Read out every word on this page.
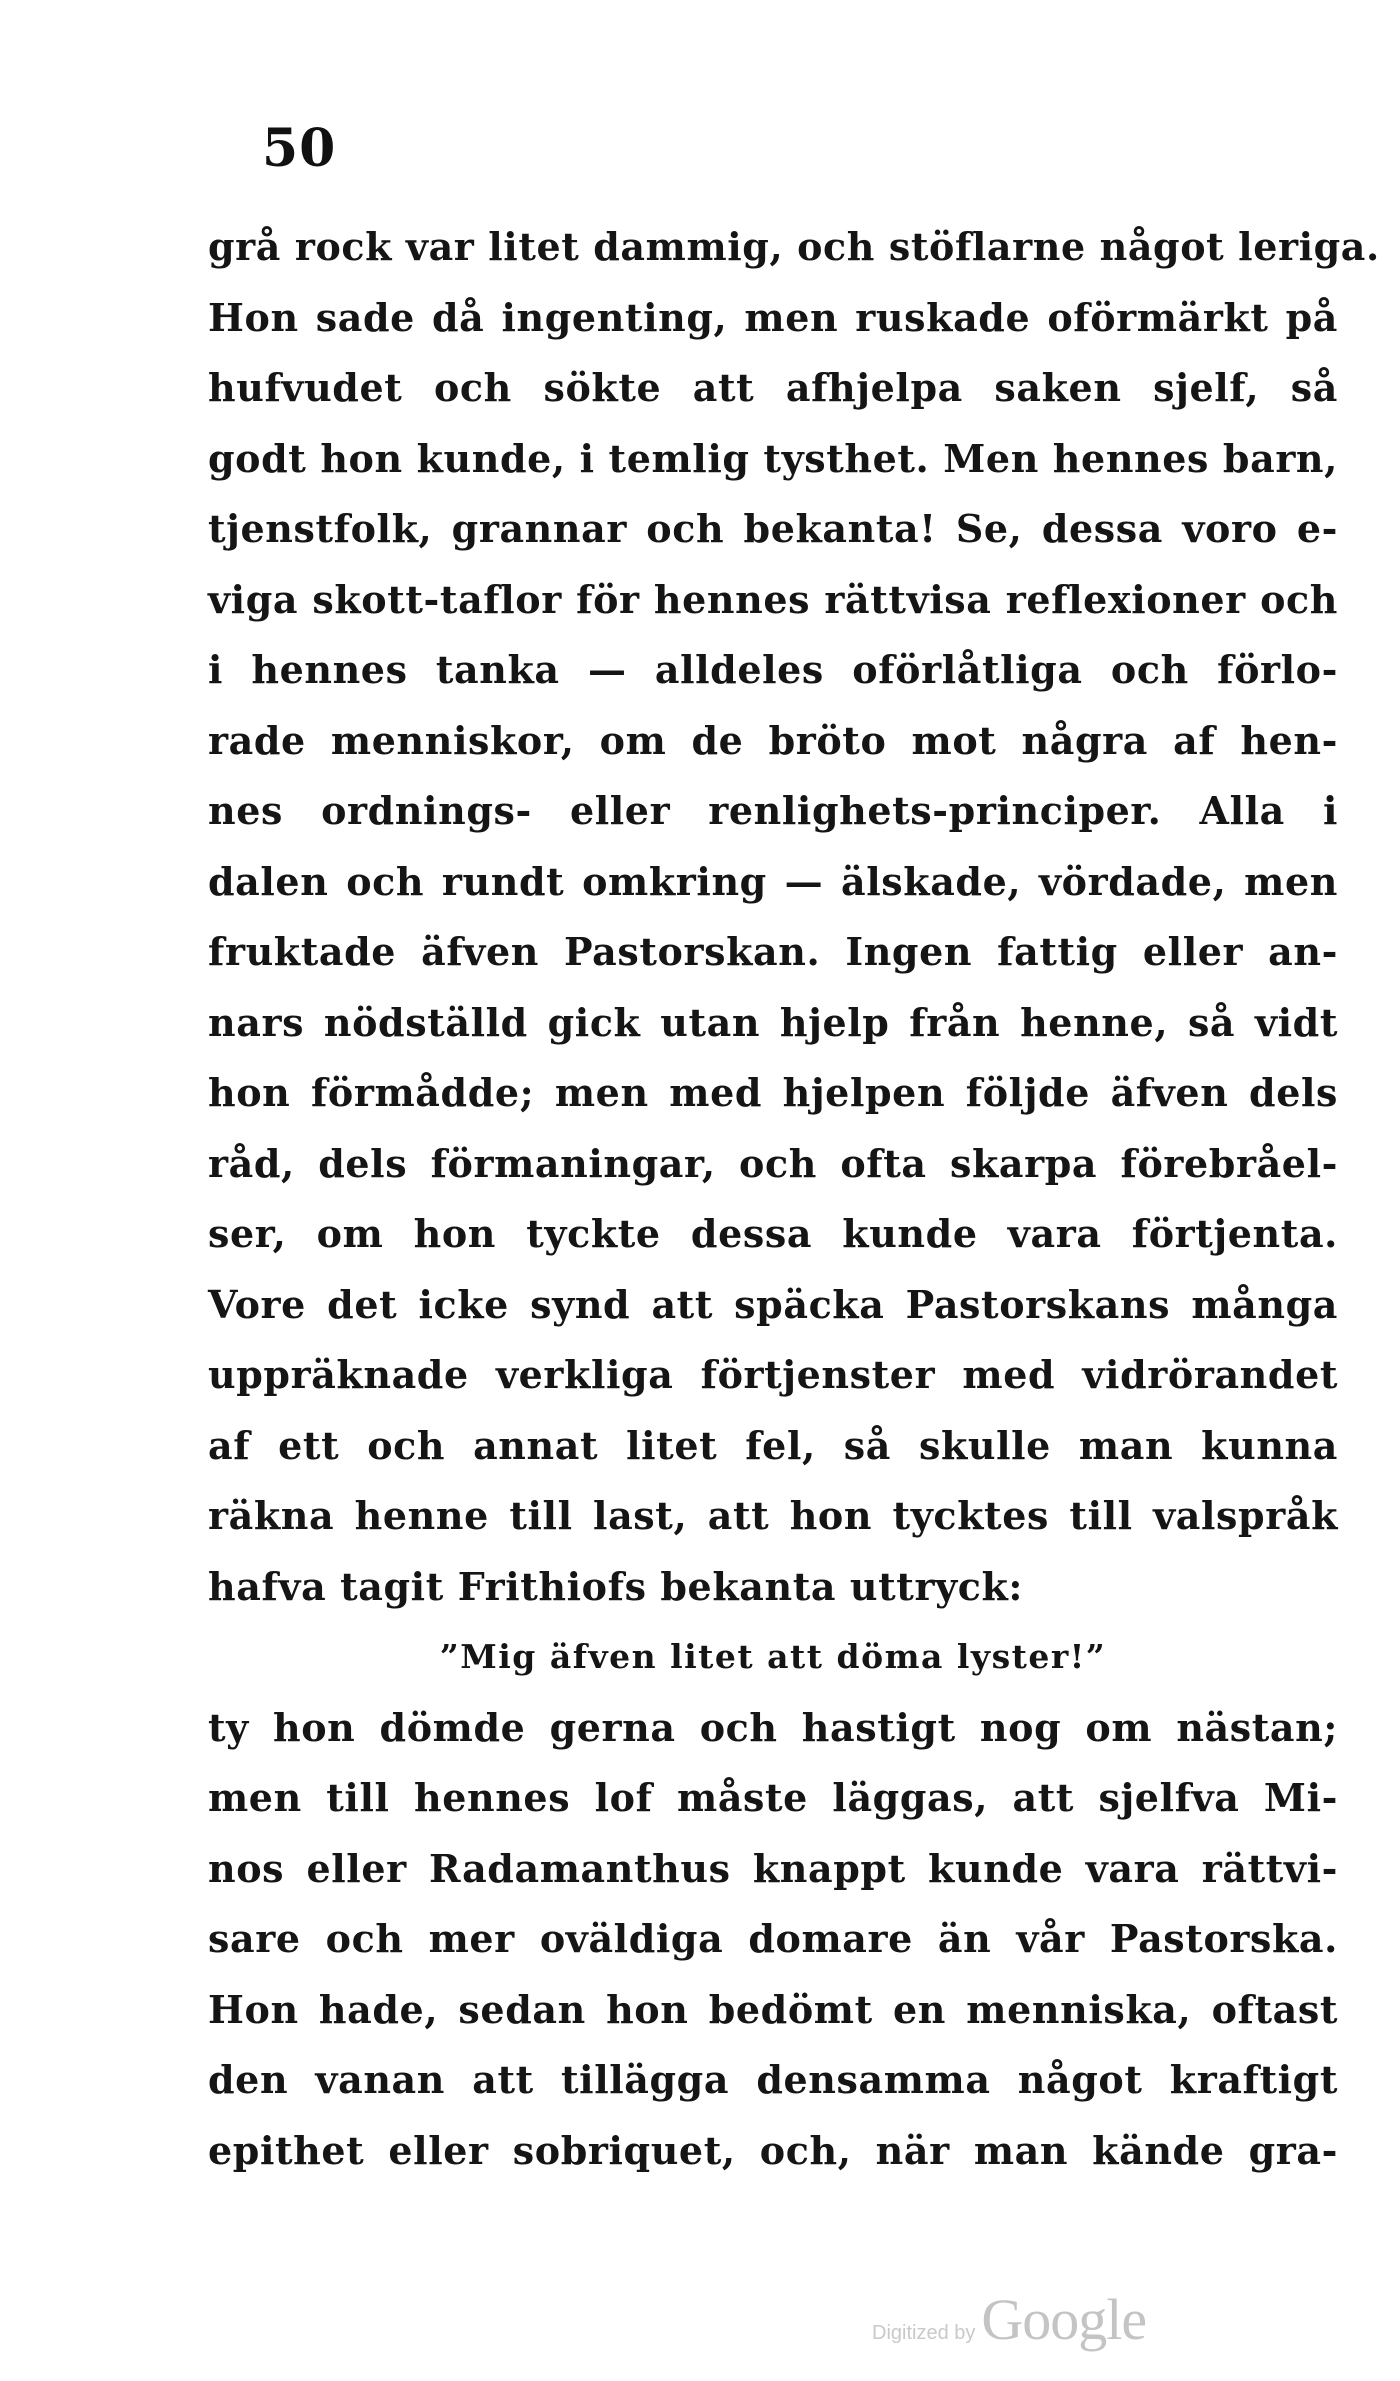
50
grå rock var litet dammig, och stöflarne något leriga.
Hon sade då ingenting, men ruskade oförmärkt på
hufvudet och sökte att afhjelpa saken sjelf, så
godt hon kunde, i temlig tysthet. Men hennes barn,
tjenstfolk, grannar och bekanta! Se, dessa voro e-
viga skott-taflor för hennes rättvisa reflexioner och
i hennes tanka — alldeles oförlåtliga och förlo-
rade menniskor, om de bröto mot några af hen-
nes ordnings- eller renlighets-principer. Alla i
dalen och rundt omkring — älskade, vördade, men
fruktade äfven Pastorskan. Ingen fattig eller an-
nars nödställd gick utan hjelp från henne, så vidt
hon förmådde; men med hjelpen följde äfven dels
råd, dels förmaningar, och ofta skarpa förebråel-
ser, om hon tyckte dessa kunde vara förtjenta.
Vore det icke synd att späcka Pastorskans många
uppräknade verkliga förtjenster med vidrörandet
af ett och annat litet fel, så skulle man kunna
räkna henne till last, att hon tycktes till valspråk
hafva tagit Frithiofs bekanta uttryck:
”Mig äfven litet att döma lyster!”
ty hon dömde gerna och hastigt nog om nästan;
men till hennes lof måste läggas, att sjelfva Mi-
nos eller Radamanthus knappt kunde vara rättvi-
sare och mer oväldiga domare än vår Pastorska.
Hon hade, sedan hon bedömt en menniska, oftast
den vanan att tillägga densamma något kraftigt
epithet eller sobriquet, och, när man kände gra-
Digitized by Google
